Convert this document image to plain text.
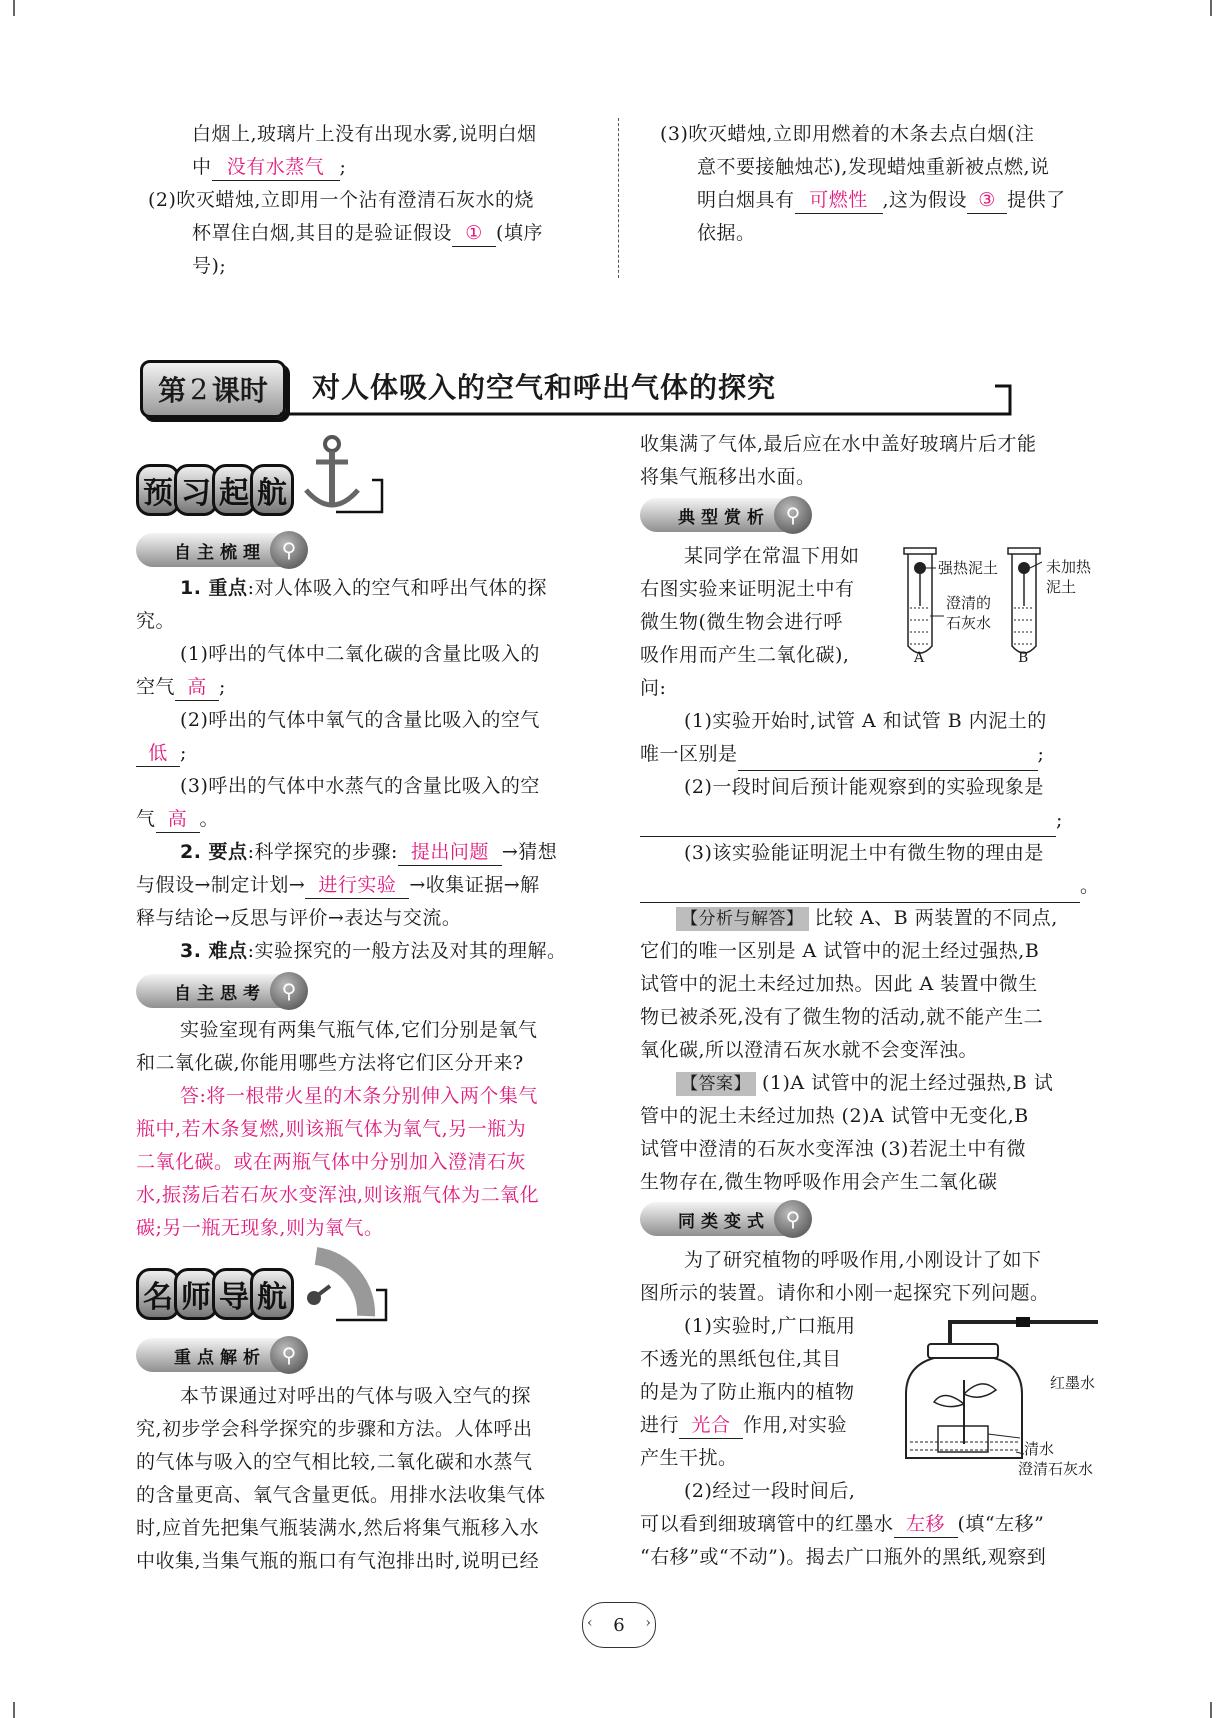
白烟上,玻璃片上没有出现水雾,说明白烟
中 没有水蒸气 ;
(2)吹灭蜡烛,立即用一个沾有澄清石灰水的烧
杯罩住白烟,其目的是验证假设 ① (填序
号);
(3)吹灭蜡烛,立即用燃着的木条去点白烟(注
意不要接触烛芯),发现蜡烛重新被点燃,说
明白烟具有 可燃性 ,这为假设 ③ 提供了
依据。
第 2 课时 对人体吸入的空气和呼出气体的探究
预 习 起 航
自主梳理 ⚲
1. 重点:对人体吸入的空气和呼出气体的探
究。
(1)呼出的气体中二氧化碳的含量比吸入的
空气 高 ;
(2)呼出的气体中氧气的含量比吸入的空气
低 ;
(3)呼出的气体中水蒸气的含量比吸入的空
气 高 。
2. 要点:科学探究的步骤: 提出问题 →猜想
与假设→制定计划→ 进行实验 →收集证据→解
释与结论→反思与评价→表达与交流。
3. 难点:实验探究的一般方法及对其的理解。
自主思考 ⚲
实验室现有两集气瓶气体,它们分别是氧气
和二氧化碳,你能用哪些方法将它们区分开来?
答:将一根带火星的木条分别伸入两个集气
瓶中,若木条复燃,则该瓶气体为氧气,另一瓶为
二氧化碳。或在两瓶气体中分别加入澄清石灰
水,振荡后若石灰水变浑浊,则该瓶气体为二氧化
碳;另一瓶无现象,则为氧气。
名 师 导 航
重点解析 ⚲
本节课通过对呼出的气体与吸入空气的探
究,初步学会科学探究的步骤和方法。人体呼出
的气体与吸入的空气相比较,二氧化碳和水蒸气
的含量更高、氧气含量更低。用排水法收集气体
时,应首先把集气瓶装满水,然后将集气瓶移入水
中收集,当集气瓶的瓶口有气泡排出时,说明已经
收集满了气体,最后应在水中盖好玻璃片后才能
将集气瓶移出水面。
典型赏析 ⚲
某同学在常温下用如
右图实验来证明泥土中有
微生物(微生物会进行呼
吸作用而产生二氧化碳),
问:
强热泥土
澄清的
石灰水
未加热
泥土
A	B
(1)实验开始时,试管 A 和试管 B 内泥土的
唯一区别是	;
(2)一段时间后预计能观察到的实验现象是
;
(3)该实验能证明泥土中有微生物的理由是
。
【分析与解答】 比较 A、B 两装置的不同点,
它们的唯一区别是 A 试管中的泥土经过强热,B
试管中的泥土未经过加热。因此 A 装置中微生
物已被杀死,没有了微生物的活动,就不能产生二
氧化碳,所以澄清石灰水就不会变浑浊。
【答案】 (1)A 试管中的泥土经过强热,B 试
管中的泥土未经过加热 (2)A 试管中无变化,B
试管中澄清的石灰水变浑浊 (3)若泥土中有微
生物存在,微生物呼吸作用会产生二氧化碳
同类变式 ⚲
为了研究植物的呼吸作用,小刚设计了如下
图所示的装置。请你和小刚一起探究下列问题。
(1)实验时,广口瓶用
不透光的黑纸包住,其目
的是为了防止瓶内的植物
进行 光合 作用,对实验
产生干扰。
(2)经过一段时间后,
红墨水
清水
澄清石灰水
可以看到细玻璃管中的红墨水 左移 (填“左移”
“右移”或“不动”)。揭去广口瓶外的黑纸,观察到
‹ 6 ›
